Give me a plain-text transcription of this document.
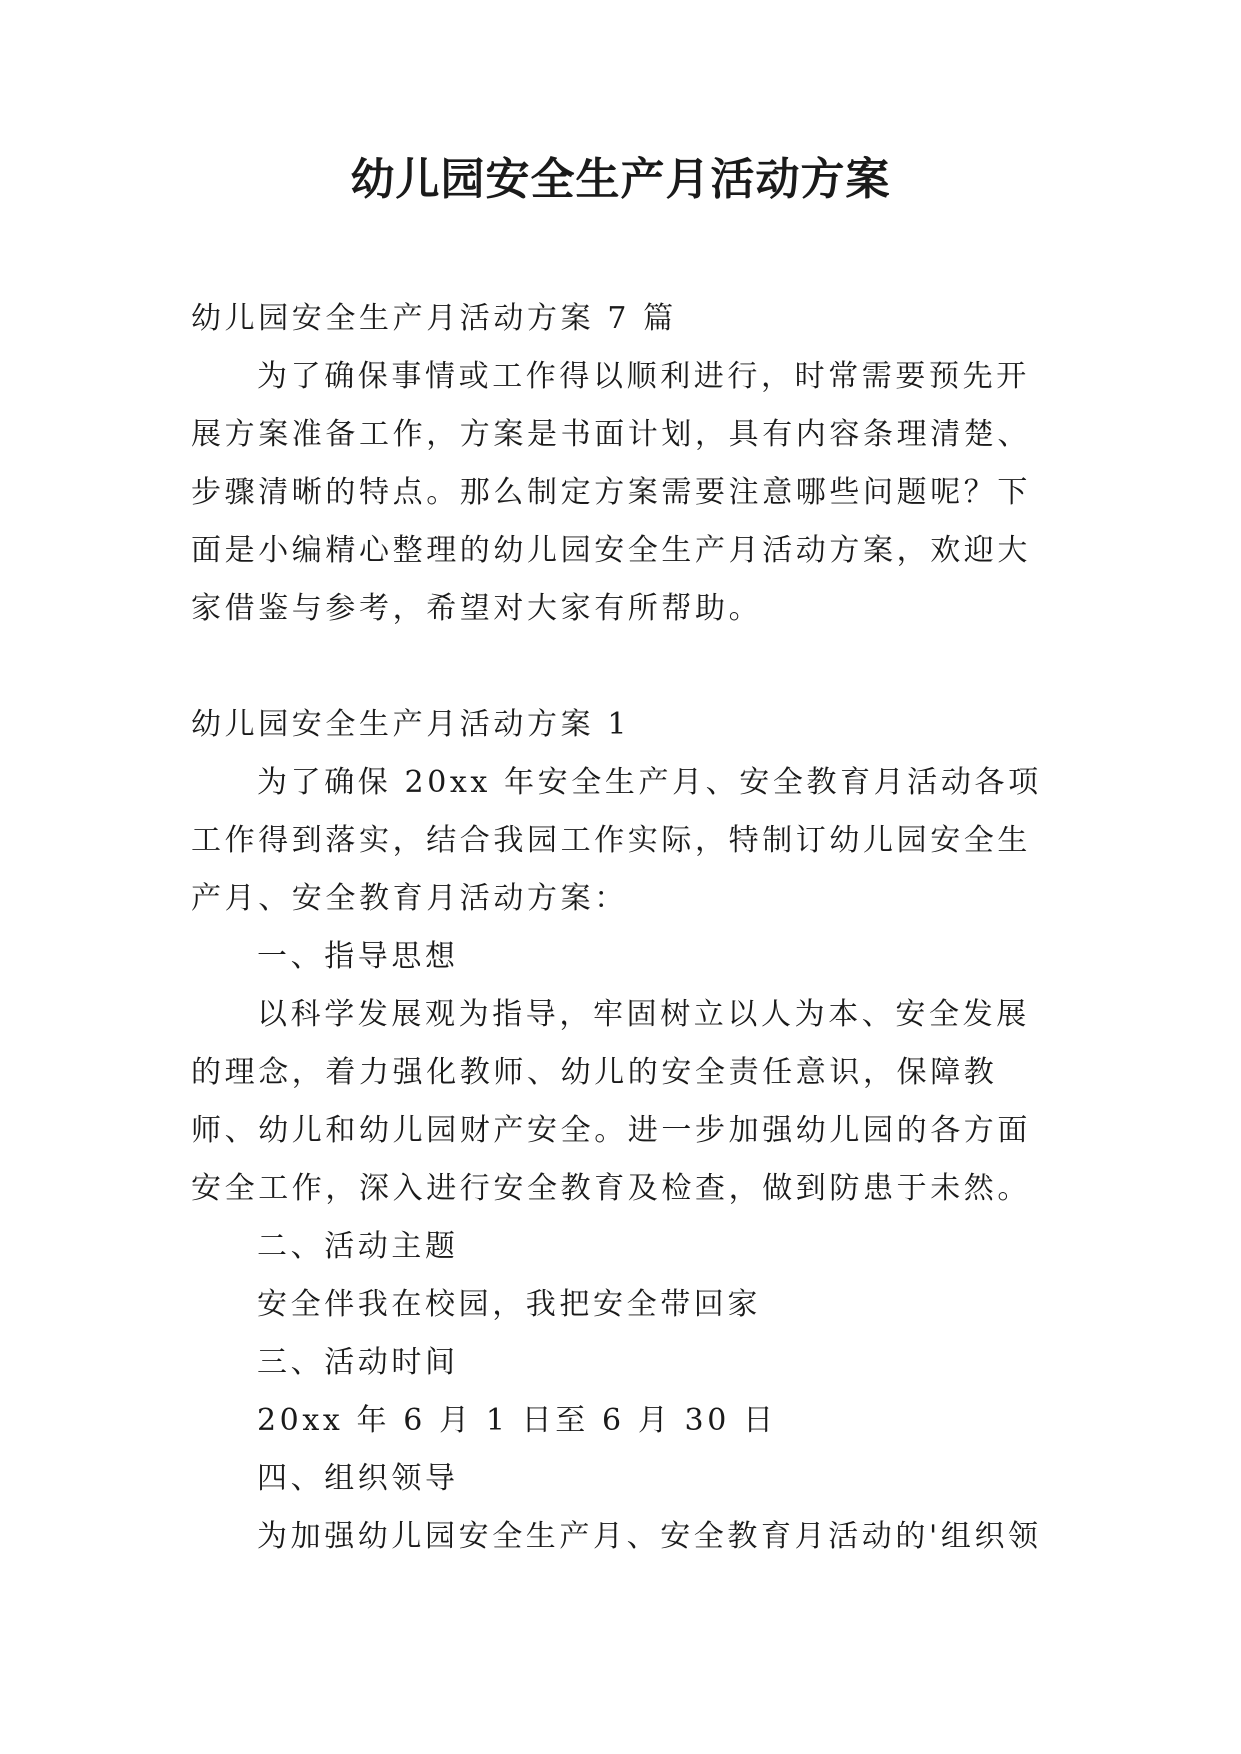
幼儿园安全生产月活动方案

幼儿园安全生产月活动方案 7 篇

为了确保事情或工作得以顺利进行，时常需要预先开展方案准备工作，方案是书面计划，具有内容条理清楚、步骤清晰的特点。那么制定方案需要注意哪些问题呢？下面是小编精心整理的幼儿园安全生产月活动方案，欢迎大家借鉴与参考，希望对大家有所帮助。

幼儿园安全生产月活动方案 1

为了确保 20xx 年安全生产月、安全教育月活动各项工作得到落实，结合我园工作实际，特制订幼儿园安全生产月、安全教育月活动方案：

一、指导思想

以科学发展观为指导，牢固树立以人为本、安全发展的理念，着力强化教师、幼儿的安全责任意识，保障教师、幼儿和幼儿园财产安全。进一步加强幼儿园的各方面安全工作，深入进行安全教育及检查，做到防患于未然。

二、活动主题

安全伴我在校园，我把安全带回家

三、活动时间

20xx 年 6 月 1 日至 6 月 30 日

四、组织领导

为加强幼儿园安全生产月、安全教育月活动的'组织领
